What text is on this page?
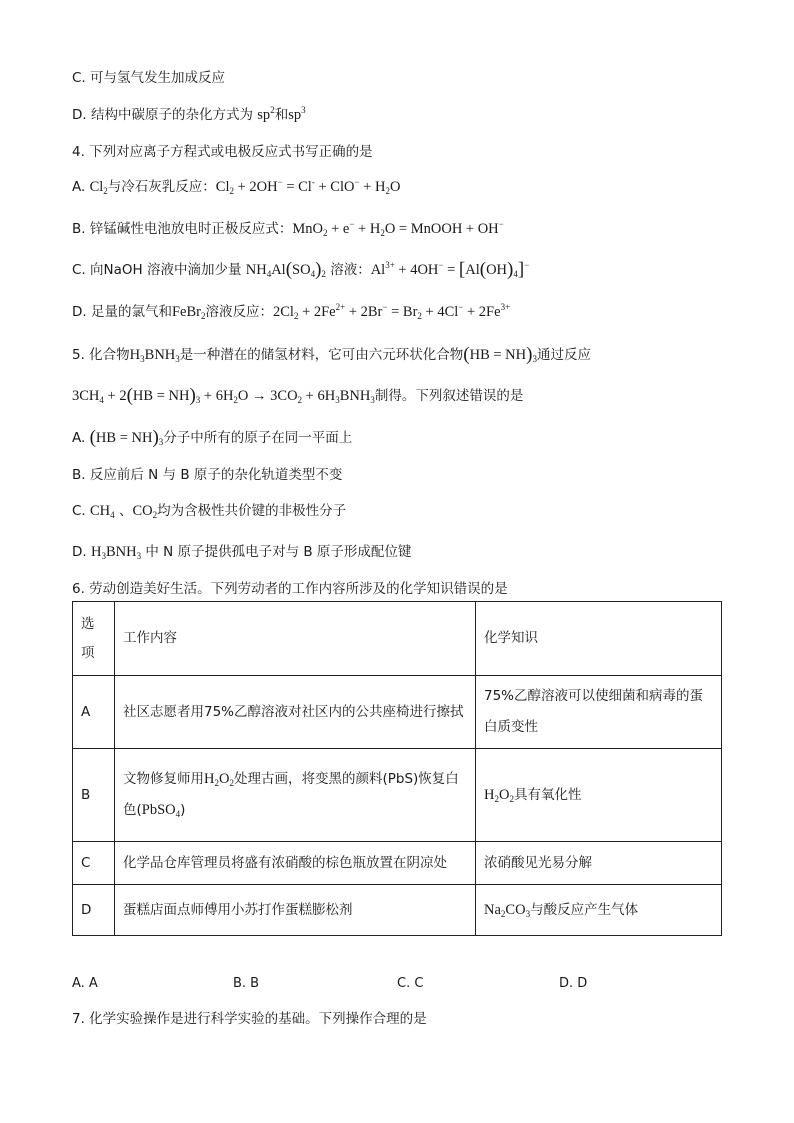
C. 可与氢气发生加成反应
D. 结构中碳原子的杂化方式为 $sp^2$和$sp^3$
4. 下列对应离子方程式或电极反应式书写正确的是
A. $Cl_2$与冷石灰乳反应：$Cl_2 + 2OH^- = Cl^- + ClO^- + H_2O$
B. 锌锰碱性电池放电时正极反应式：$MnO_2 + e^- + H_2O$ = MnOOH + OH−
C. 向NaOH 溶液中滴加少量 $NH_4Al(SO_4)_2$ 溶液：$Al^{3+} + 4OH^- = [Al(OH)_4]^-$
D. 足量的氯气和FeBr$_2$溶液反应：$2Cl_2 + 2Fe^{2+} + 2Br^- = Br_2 + 4Cl^- + 2Fe^{3+}$
5. 化合物$H_3BNH_3$是一种潜在的储氢材料，它可由六元环状化合物$(HB = NH)_3$通过反应
$3CH_4 + 2(HB = NH)_3 + 6H_2O \to 3CO_2 + 6H_3BNH_3$制得。下列叙述错误的是
A. $(HB = NH)_3$分子中所有的原子在同一平面上
B. 反应前后 N 与 B 原子的杂化轨道类型不变
C. $CH_4$ 、$CO_2$均为含极性共价键的非极性分子
D. $H_3BNH_3$ 中 N 原子提供孤电子对与 B 原子形成配位键
6. 劳动创造美好生活。下列劳动者的工作内容所涉及的化学知识错误的是
选项	工作内容	化学知识
A	社区志愿者用75%乙醇溶液对社区内的公共座椅进行擦拭	75%乙醇溶液可以使细菌和病毒的蛋白质变性
B	文物修复师用$H_2O_2$处理古画，将变黑的颜料(PbS)恢复白色(PbSO$_4$)	$H_2O_2$具有氧化性
C	化学品仓库管理员将盛有浓硝酸的棕色瓶放置在阴凉处	浓硝酸见光易分解
D	蛋糕店面点师傅用小苏打作蛋糕膨松剂	$Na_2CO_3$与酸反应产生气体
A. A	B. B	C. C	D. D
7. 化学实验操作是进行科学实验的基础。下列操作合理的是
